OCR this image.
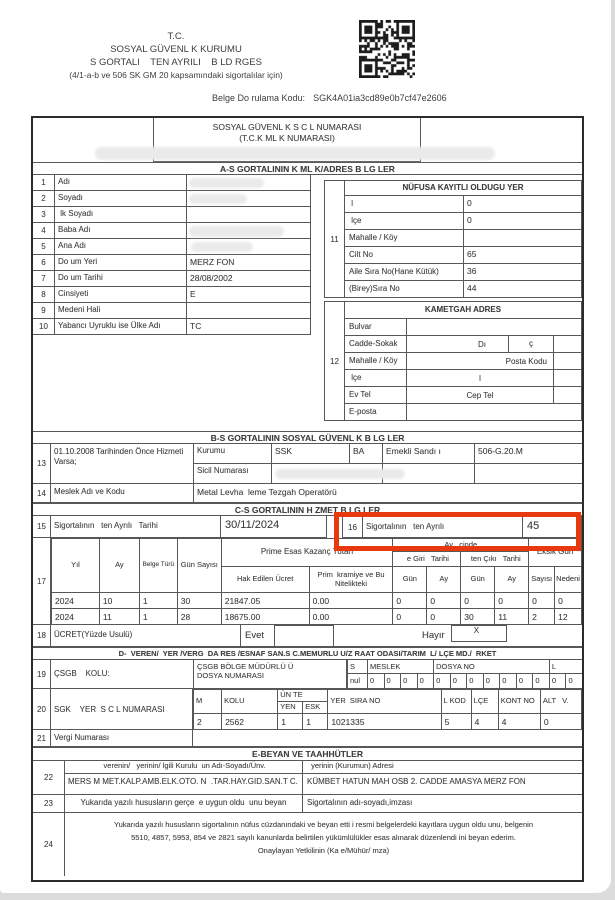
T.C.
SOSYAL GÜVENL K KURUMU
S GORTALI    TEN AYRILI    B LD RGES
(4/1-a-b ve 506 SK GM 20 kapsamındaki sigortalılar için)
Belge Do rulama Kodu: SGK4A01ia3cd89e0b7cf47e2606
SOSYAL GÜVENL K S C L NUMARASI
(T.C.K ML K NUMARASI)
A-S GORTALININ K ML K/ADRES B LG LER
1	Adı
2	Soyadı
3	lk Soyadı
4	Baba Adı
5	Ana Adı
6	Do um Yeri	MERZ FON
7	Do um Tarihi	28/08/2002
8	Cinsiyeti	E
9	Medeni Hali
10	Yabancı Uyruklu ise Ülke Adı	TC
11
NÜFUSA KAYITLI OLDUGU YER
l	0
lçe	0
Mahalle / Köy
Cilt No	65
Aile Sıra No(Hane Kütük)	36
(Birey)Sıra No	44
12
KAMETGAH ADRES
Bulvar
Cadde-Sokak	Dı	ç
Mahalle / Köy	Posta Kodu
lçe	l
Ev Tel	Cep Tel
E-posta
B-S GORTALININ SOSYAL GÜVENL K B LG LER
13
01.10.2008 Tarihinden Önce Hizmeti Varsa;
Kurumu	SSK	BA	Emekli Sandı ı	506-G.20.M
Sicil Numarası
14	Meslek Adı ve Kodu	Metal Levha  leme Tezgah Operatörü
C-S GORTALININ H ZMET B LG LER
15	Sigortalının   ten Ayrılı   Tarihi	30/11/2024	16	Sigortalının   ten Ayrılı	45
17
Yıl	Ay	Belge Türü	Gün Sayısı	Prime Esas Kazanç Tutarı		Ay   çinde				Eksik Gün	
						e Giri   Tarihi		ten Çıkı   Tarihi			
				Hak Edilen Ücret	Prim  kramiye ve Bu Nitelikteki	Gün	Ay	Gün	Ay	Sayısı	Nedeni
2024	10	1	30	21847.05	0.00	0	0	0	0	0	0
2024	11	1	28	18675.00	0.00	0	0	30	11	2	12
18	ÜCRET(Yüzde Usulü)	Evet	Hayır	X
D-  VEREN/  YER /VERG  DA RES /ESNAF SAN.S C.MEMURLU U/Z RAAT ODASI/TARIM  L/ LÇE MD./  RKET
19	ÇSGB    KOLU:
ÇSGB BÖLGE MÜDÜRLÜ Ü
DOSYA NUMARASI
S	MESLEK	DOSYA NO	L
nul	0	0	0	0	0	0	0	0	0	0	0	0	0
20	SGK    YER  S C L NUMARASI
M	KOLU	ÜN TE		YER  SIRA NO	L KOD	LÇE	KONT NO	ALT   V.
		YEN	ESK					
2	2562	1	1	1021335	5	4	4	0
21	Vergi Numarası
E-BEYAN VE TAAHHÜTLER
22
verenin/   yerinin/ lgili Kurulu  un Adı-Soyadı/Ünv.	yerinin (Kurumun) Adresi
MERS M MET.KALP.AMB.ELK.OTO. N  .TAR.HAY.GID.SAN.T C.	KÜMBET HATUN MAH OSB 2. CADDE AMASYA MERZ FON
23	Yukarıda yazılı hususların gerçe  e uygun oldu  unu beyan	Sigortalının adı-soyadı,imzası
24
Yukarıda yazılı hususların sigortalının nüfus cüzdanındaki ve beyan etti i resmi belgelerdeki kayıtlara uygun oldu unu, belgenin
5510, 4857, 5953, 854 ve 2821 sayılı kanunlarda belirtilen yükümlülükler esas alınarak düzenlendi ini beyan ederim.
Onaylayan Yetkilinin (Ka e/Mühür/ mza)
